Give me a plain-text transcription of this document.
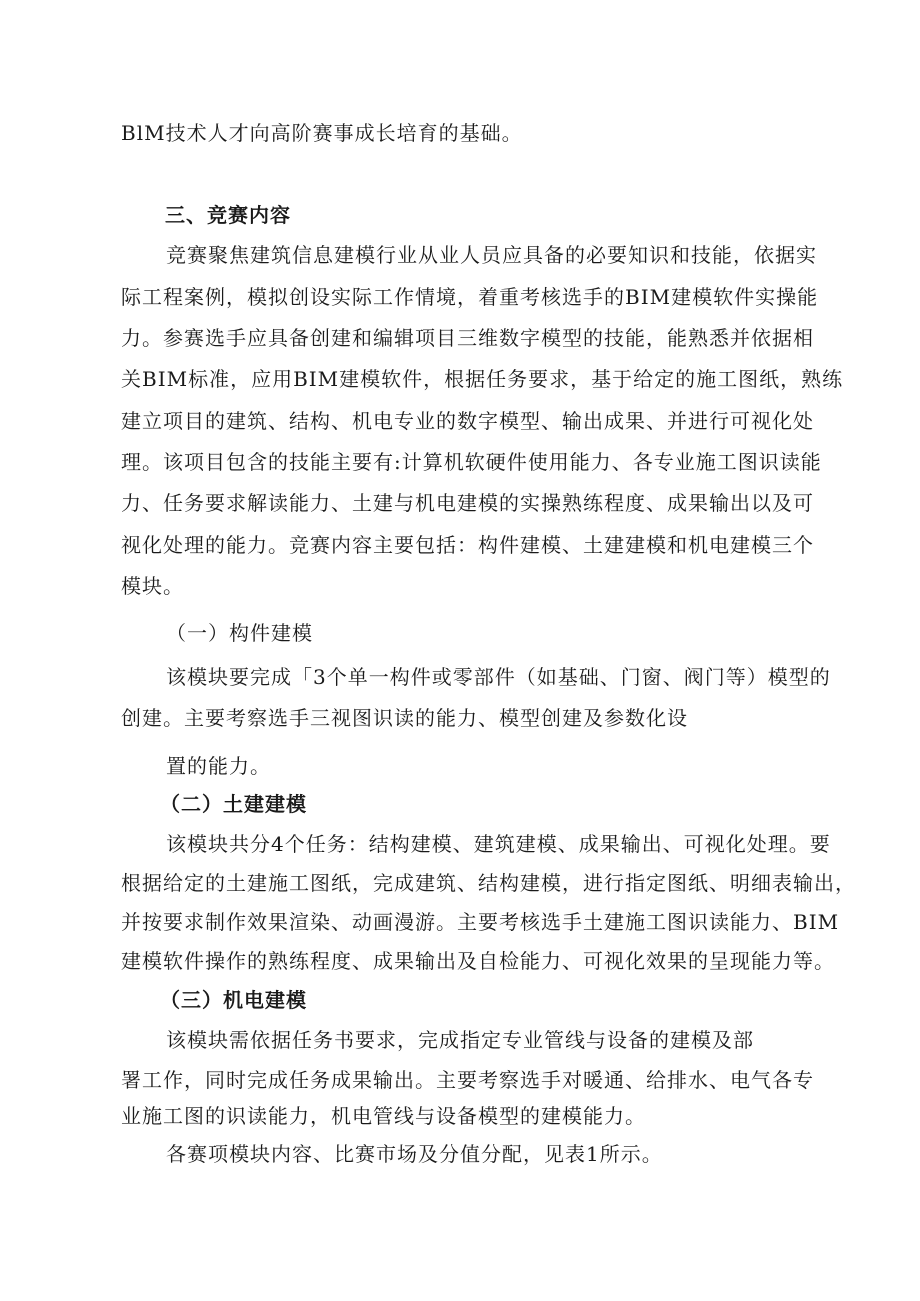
BlM技术人才向高阶赛事成长培育的基础。

三、竞赛内容

竞赛聚焦建筑信息建模行业从业人员应具备的必要知识和技能，依据实

际工程案例，模拟创设实际工作情境，着重考核选手的BIM建模软件实操能

力。参赛选手应具备创建和编辑项目三维数字模型的技能，能熟悉并依据相

关BIM标准，应用BIM建模软件，根据任务要求，基于给定的施工图纸，熟练

建立项目的建筑、结构、机电专业的数字模型、输出成果、并进行可视化处

理。该项目包含的技能主要有:计算机软硬件使用能力、各专业施工图识读能

力、任务要求解读能力、土建与机电建模的实操熟练程度、成果输出以及可

视化处理的能力。竞赛内容主要包括：构件建模、土建建模和机电建模三个

模块。

（一）构件建模

该模块要完成「3个单一构件或零部件（如基础、门窗、阀门等）模型的

创建。主要考察选手三视图识读的能力、模型创建及参数化设

置的能力。

（二）土建建模

该模块共分4个任务：结构建模、建筑建模、成果输出、可视化处理。要

根据给定的土建施工图纸，完成建筑、结构建模，进行指定图纸、明细表输出，

并按要求制作效果渲染、动画漫游。主要考核选手土建施工图识读能力、BIM

建模软件操作的熟练程度、成果输出及自检能力、可视化效果的呈现能力等。

（三）机电建模

该模块需依据任务书要求，完成指定专业管线与设备的建模及部

署工作，同时完成任务成果输出。主要考察选手对暖通、给排水、电气各专

业施工图的识读能力，机电管线与设备模型的建模能力。

各赛项模块内容、比赛市场及分值分配，见表1所示。
